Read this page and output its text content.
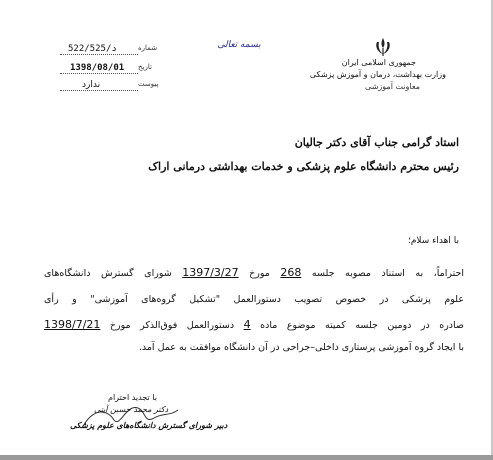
جمهوری اسلامی ایران
وزارت بهداشت، درمان و آموزش پزشکی
معاونت آموزشی
بسمه تعالی
د/522/525	شماره
1398/08/01	تاریخ
ندارد	پیوست
استاد گرامی جناب آقای دکتر جالیان
رئیس محترم دانشگاه علوم پزشکی و خدمات بهداشتی درمانی اراک
با اهداء سلام؛
احتراماً، به استناد مصوبه جلسه 268 مورخ 1397/3/27 شورای گسترش دانشگاه‌های
علوم پزشکی در خصوص تصویب دستورالعمل "تشکیل گروه‌های آموزشی" و رأی
صادره در دومین جلسه کمیته موضوع ماده 4 دستورالعمل فوق‌الذکر مورخ 1398/7/21
با ایجاد گروه آموزشی پرستاری داخلی–جراحی در آن دانشگاه موافقت به عمل آمد.
با تجدید احترام
دکتر محمد حسین آیتی
دبیر شورای گسترش دانشگاه‌های علوم پزشکی
